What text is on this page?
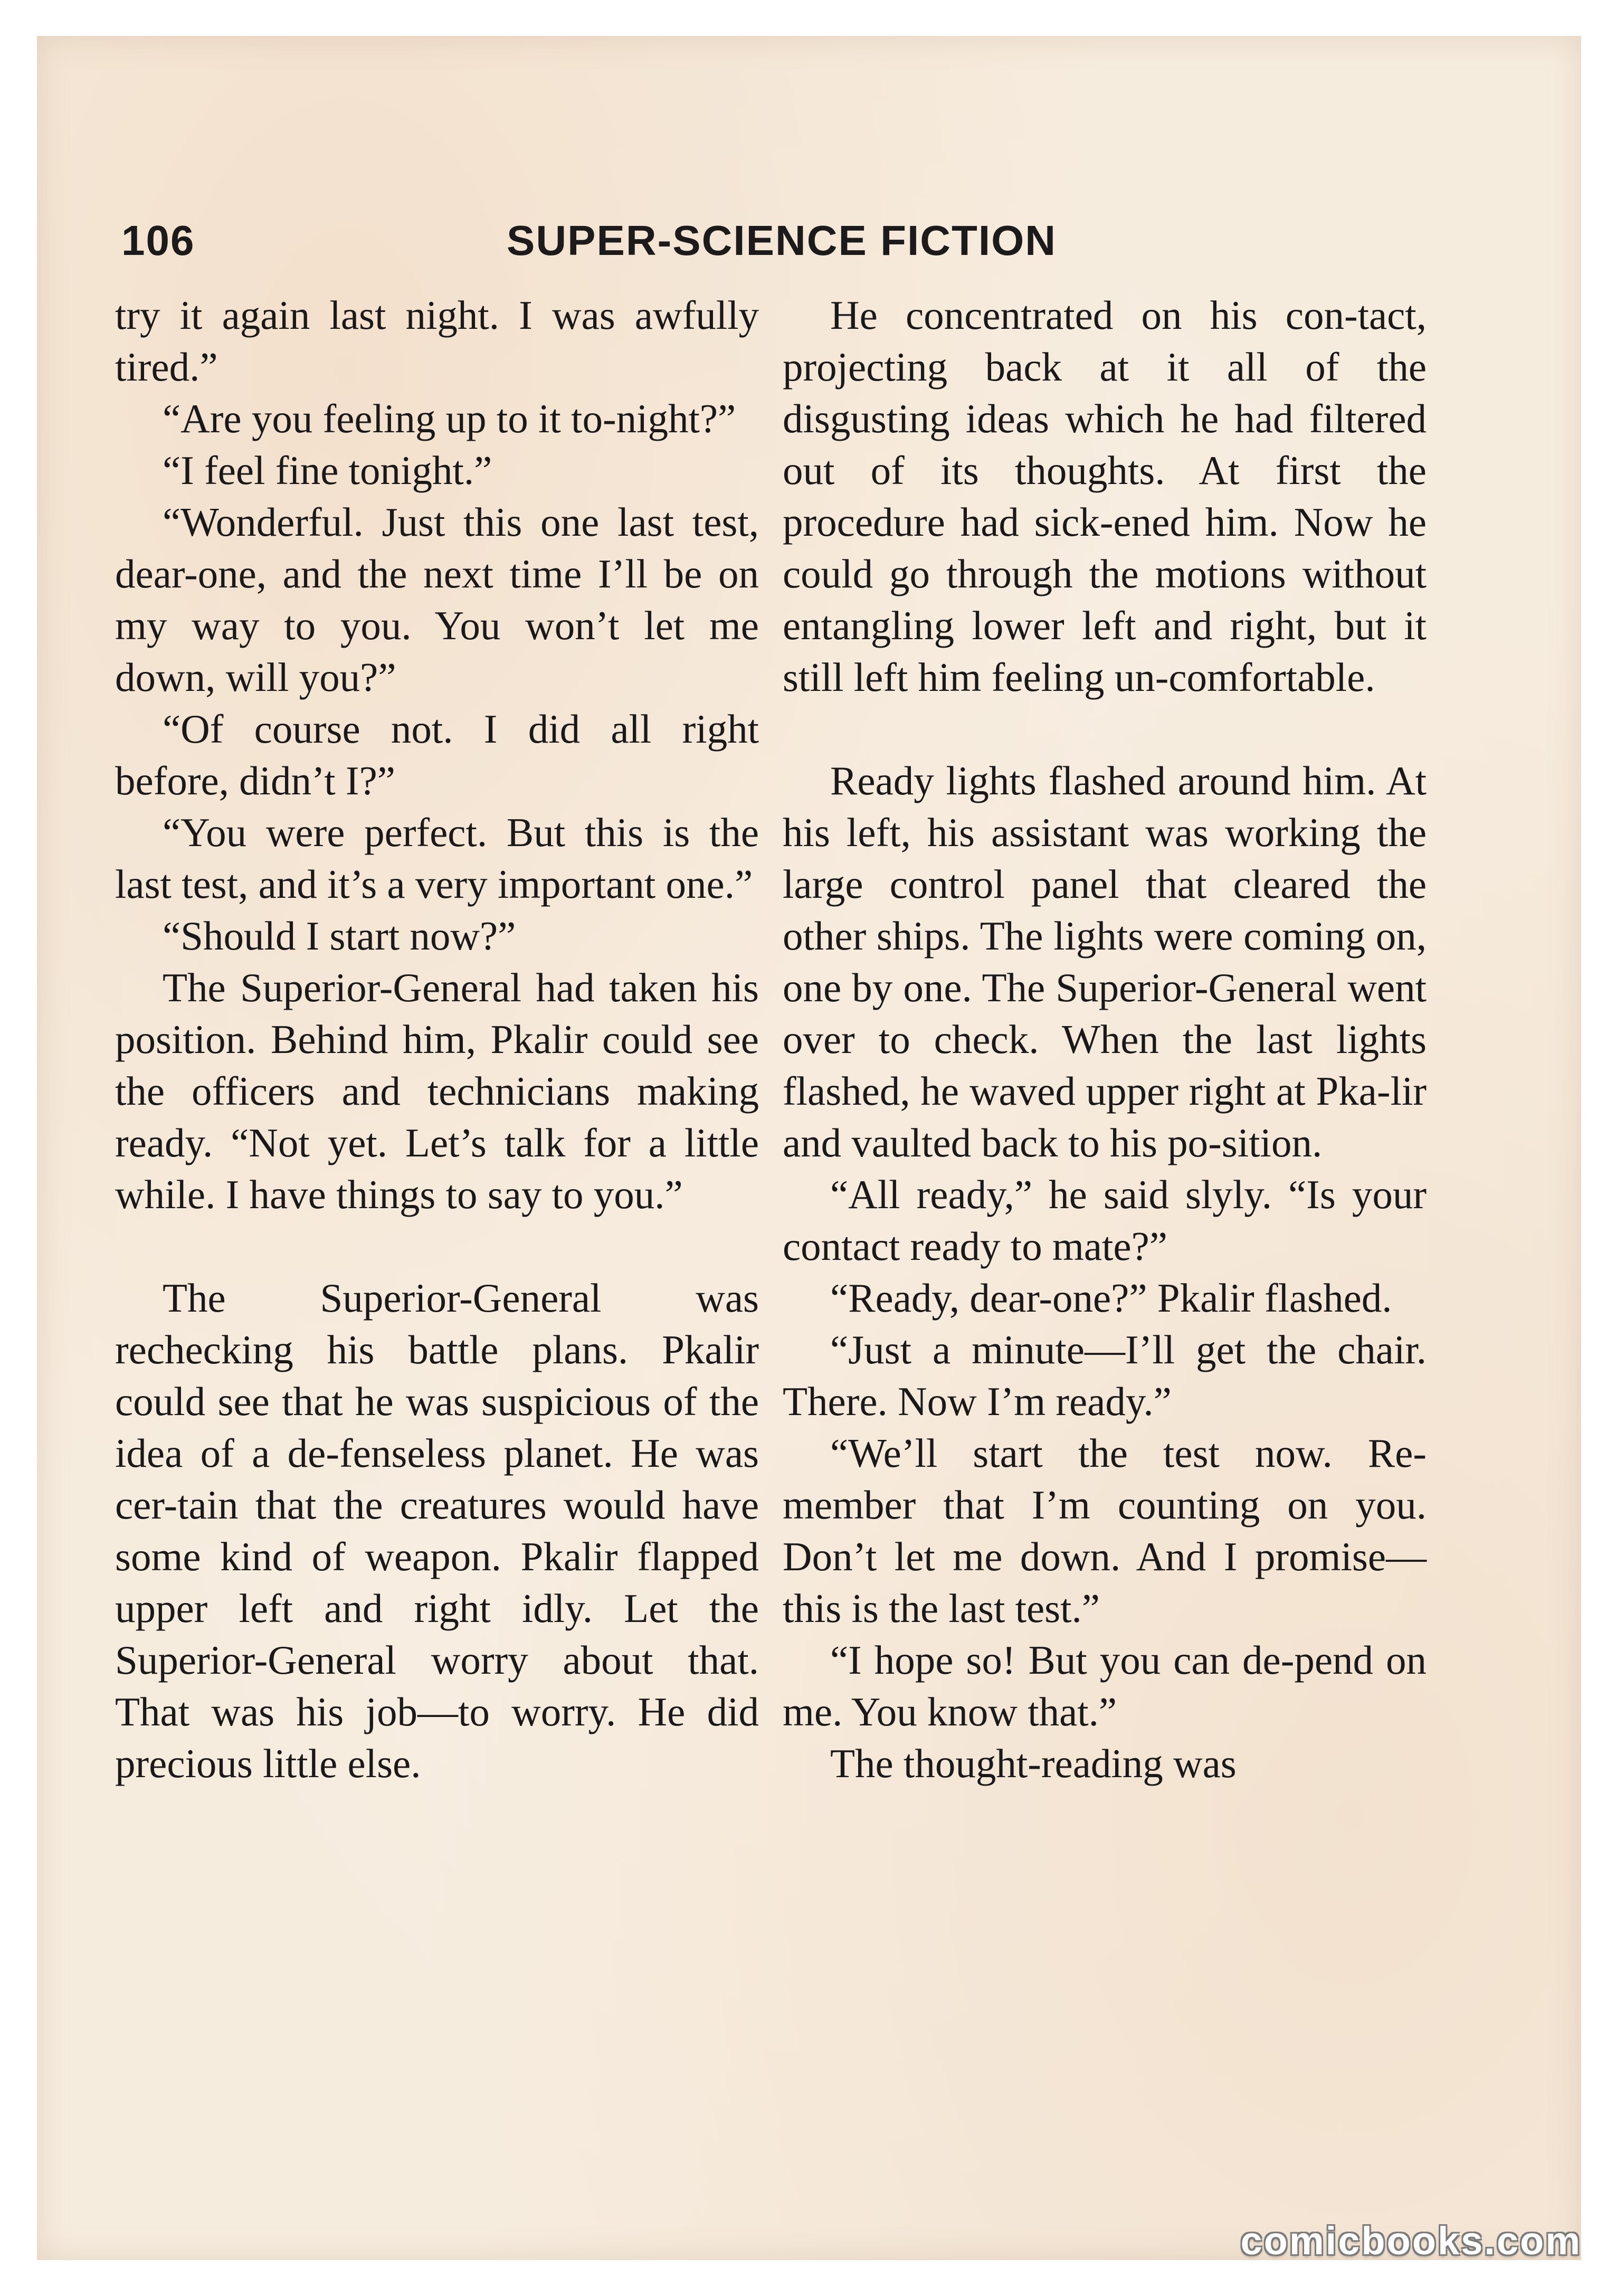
106	SUPER-SCIENCE FICTION

try it again last night. I was awfully tired.”

“Are you feeling up to it to-night?”

“I feel fine tonight.”

“Wonderful. Just this one last test, dear-one, and the next time I’ll be on my way to you. You won’t let me down, will you?”

“Of course not. I did all right before, didn’t I?”

“You were perfect. But this is the last test, and it’s a very important one.”

“Should I start now?”

The Superior-General had taken his position. Behind him, Pkalir could see the officers and technicians making ready. “Not yet. Let’s talk for a little while. I have things to say to you.”

The Superior-General was rechecking his battle plans. Pkalir could see that he was suspicious of the idea of a de-fenseless planet. He was cer-tain that the creatures would have some kind of weapon. Pkalir flapped upper left and right idly. Let the Superior-General worry about that. That was his job—to worry. He did precious little else.

He concentrated on his con-tact, projecting back at it all of the disgusting ideas which he had filtered out of its thoughts. At first the procedure had sick-ened him. Now he could go through the motions without entangling lower left and right, but it still left him feeling un-comfortable.

Ready lights flashed around him. At his left, his assistant was working the large control panel that cleared the other ships. The lights were coming on, one by one. The Superior-General went over to check. When the last lights flashed, he waved upper right at Pka-lir and vaulted back to his po-sition.

“All ready,” he said slyly. “Is your contact ready to mate?”

“Ready, dear-one?” Pkalir flashed.

“Just a minute—I’ll get the chair. There. Now I’m ready.”

“We’ll start the test now. Re-member that I’m counting on you. Don’t let me down. And I promise—this is the last test.”

“I hope so! But you can de-pend on me. You know that.”

The thought-reading was

comicbooks.com
